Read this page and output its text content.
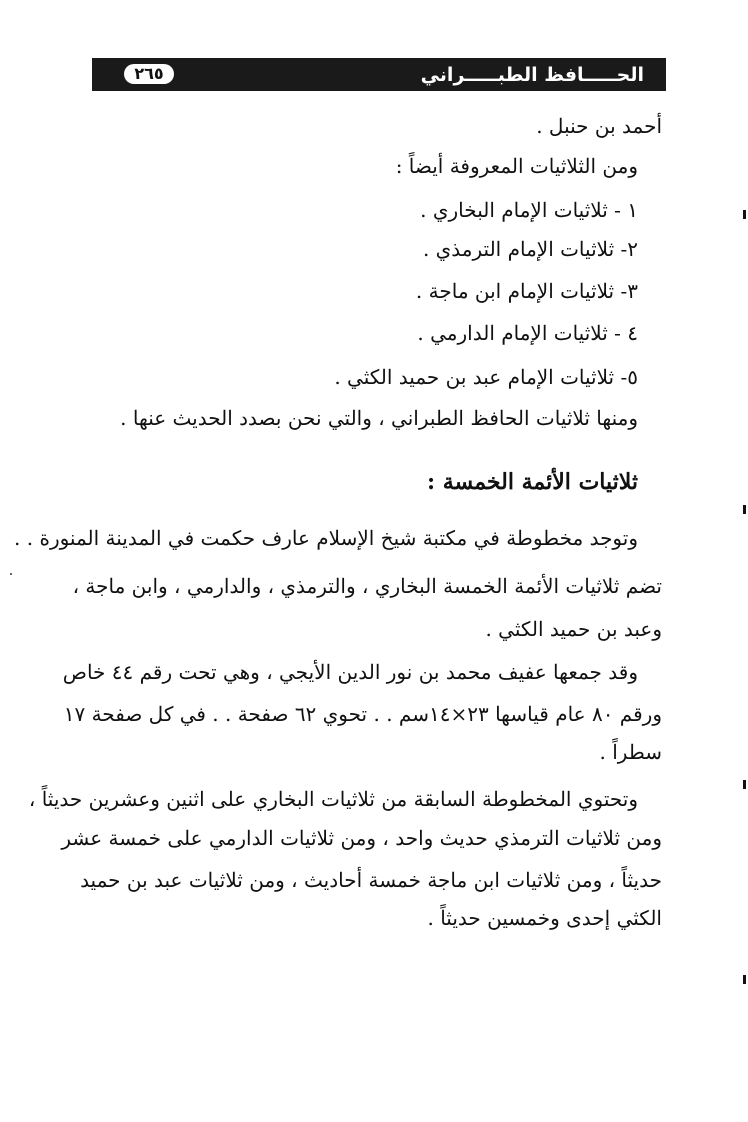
٢٦٥	الحـــــافظ الطبـــــراني
أحمد بن حنبل .
ومن الثلاثيات المعروفة أيضاً :
١ - ثلاثيات الإمام البخاري .
٢- ثلاثيات الإمام الترمذي .
٣- ثلاثيات الإمام ابن ماجة .
٤ - ثلاثيات الإمام الدارمي .
٥- ثلاثيات الإمام عبد بن حميد الكثي .
ومنها ثلاثيات الحافظ الطبراني ، والتي نحن بصدد الحديث عنها .
ثلاثيات الأئمة الخمسة :
وتوجد مخطوطة في مكتبة شيخ الإسلام عارف حكمت في المدينة المنورة . .
تضم ثلاثيات الأئمة الخمسة البخاري ، والترمذي ، والدارمي ، وابن ماجة ،
وعبد بن حميد الكثي .
وقد جمعها عفيف محمد بن نور الدين الأيجي ، وهي تحت رقم ٤٤ خاص
ورقم ٨٠ عام قياسها ٢٣×١٤سم . . تحوي ٦٢ صفحة . . في كل صفحة ١٧
سطراً .
وتحتوي المخطوطة السابقة من ثلاثيات البخاري على اثنين وعشرين حديثاً ،
ومن ثلاثيات الترمذي حديث واحد ، ومن ثلاثيات الدارمي على خمسة عشر
حديثاً ، ومن ثلاثيات ابن ماجة خمسة أحاديث ، ومن ثلاثيات عبد بن حميد
الكثي إحدى وخمسين حديثاً .
